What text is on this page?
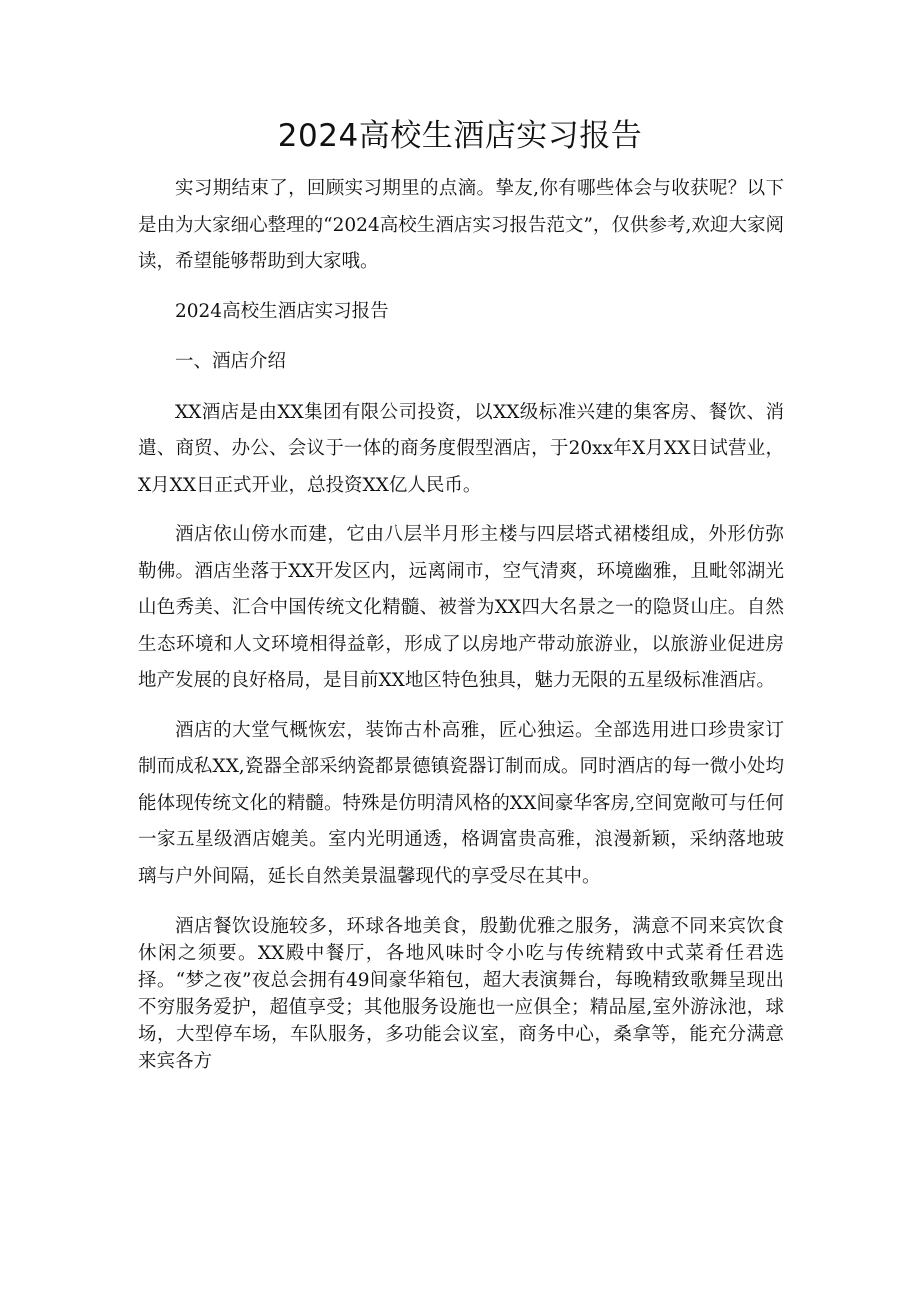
2024高校生酒店实习报告

实习期结束了，回顾实习期里的点滴。挚友,你有哪些体会与收获呢？以下是由为大家细心整理的“2024高校生酒店实习报告范文”，仅供参考,欢迎大家阅读，希望能够帮助到大家哦。

2024高校生酒店实习报告

一、酒店介绍

XX酒店是由XX集团有限公司投资，以XX级标准兴建的集客房、餐饮、消遣、商贸、办公、会议于一体的商务度假型酒店，于20xx年X月XX日试营业，X月XX日正式开业，总投资XX亿人民币。

酒店依山傍水而建，它由八层半月形主楼与四层塔式裙楼组成，外形仿弥勒佛。酒店坐落于XX开发区内，远离闹市，空气清爽，环境幽雅，且毗邻湖光山色秀美、汇合中国传统文化精髓、被誉为XX四大名景之一的隐贤山庄。自然生态环境和人文环境相得益彰，形成了以房地产带动旅游业，以旅游业促进房地产发展的良好格局，是目前XX地区特色独具，魅力无限的五星级标准酒店。

酒店的大堂气概恢宏，装饰古朴高雅，匠心独运。全部选用进口珍贵家订制而成私XX,瓷器全部采纳瓷都景德镇瓷器订制而成。同时酒店的每一微小处均能体现传统文化的精髓。特殊是仿明清风格的XX间豪华客房,空间宽敞可与任何一家五星级酒店媲美。室内光明通透，格调富贵高雅，浪漫新颖，采纳落地玻璃与户外间隔，延长自然美景温馨现代的享受尽在其中。

酒店餐饮设施较多，环球各地美食，殷勤优雅之服务，满意不同来宾饮食休闲之须要。XX殿中餐厅，各地风味时令小吃与传统精致中式菜肴任君选择。“梦之夜”夜总会拥有49间豪华箱包，超大表演舞台，每晚精致歌舞呈现出不穷服务爱护，超值享受；其他服务设施也一应俱全；精品屋,室外游泳池，球场，大型停车场，车队服务，多功能会议室，商务中心，桑拿等，能充分满意来宾各方
